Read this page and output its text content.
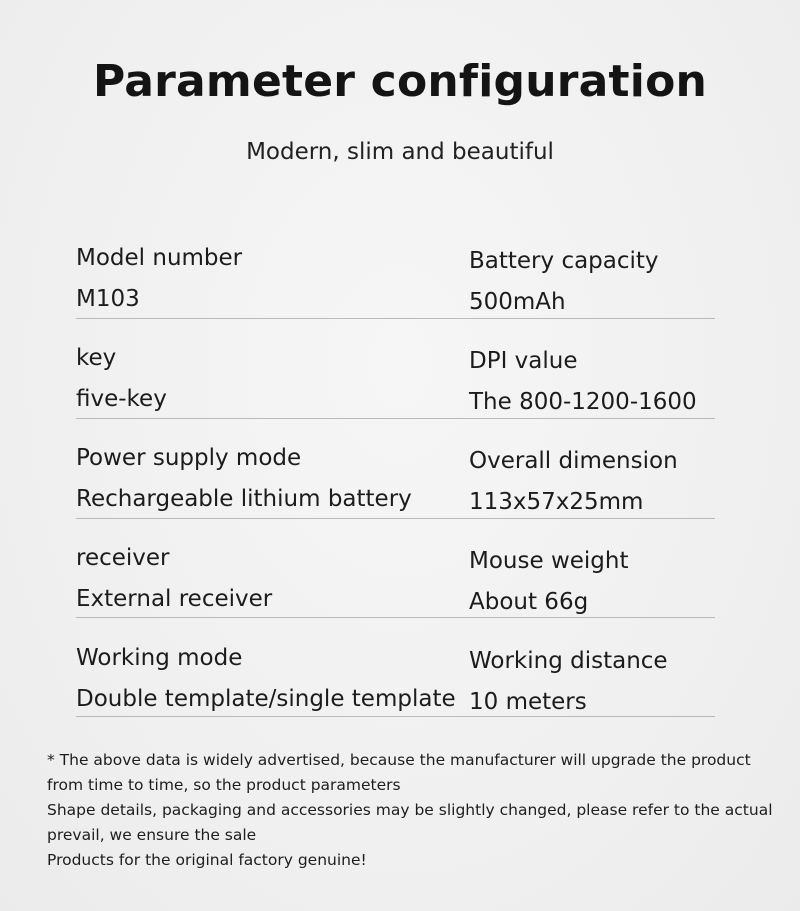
Parameter configuration
Modern, slim and beautiful
Model number
M103
Battery capacity
500mAh
key
five-key
DPI value
The 800-1200-1600
Power supply mode
Rechargeable lithium battery
Overall dimension
113x57x25mm
receiver
External receiver
Mouse weight
About 66g
Working mode
Double template/single template
Working distance
10 meters

* The above data is widely advertised, because the manufacturer will upgrade the product from time to time, so the product parameters

Shape details, packaging and accessories may be slightly changed, please refer to the actual prevail, we ensure the sale

Products for the original factory genuine!
